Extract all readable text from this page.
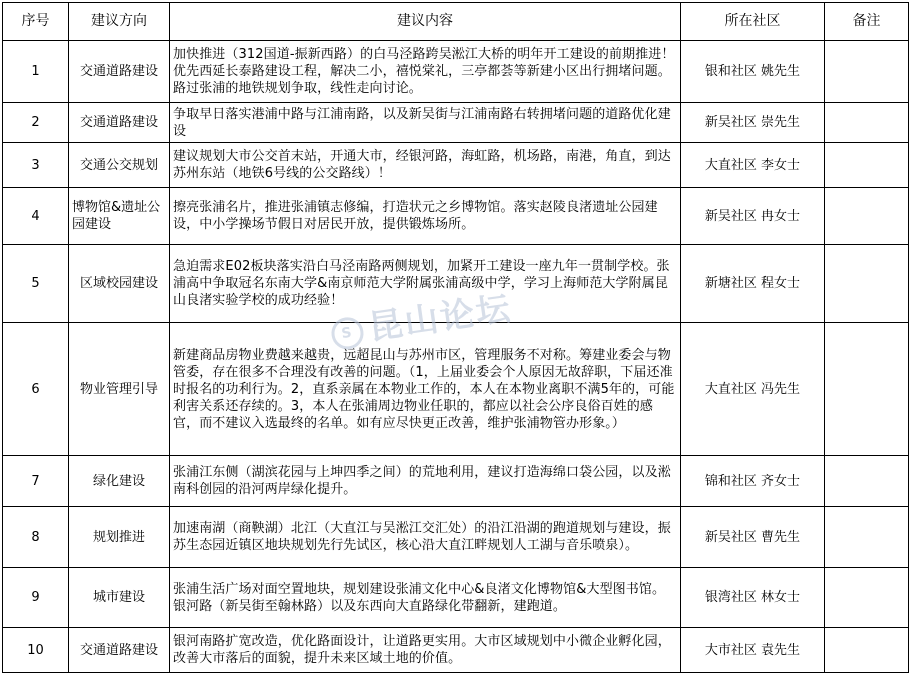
序号	建议方向	建议内容	所在社区	备注
1	交通道路建设	加快推进（312国道-振新西路）的白马泾路跨吴淞江大桥的明年开工建设的前期推进！优先西延长泰路建设工程，解决二小，禧悦棠礼，三亭都荟等新建小区出行拥堵问题。路过张浦的地铁规划争取，线性走向讨论。	银和社区 姚先生	
2	交通道路建设	争取早日落实港浦中路与江浦南路，以及新吴街与江浦南路右转拥堵问题的道路优化建设	新吴社区 崇先生	
3	交通公交规划	建议规划大市公交首末站，开通大市，经银河路，海虹路，机场路，南港，角直，到达苏州东站（地铁6号线的公交路线）！	大直社区 李女士	
4	博物馆&遗址公园建设	擦亮张浦名片，推进张浦镇志修编，打造状元之乡博物馆。落实赵陵良渚遗址公园建设，中小学操场节假日对居民开放，提供锻炼场所。	新吴社区 冉女士	
5	区域校园建设	急迫需求E02板块落实沿白马泾南路两侧规划，加紧开工建设一座九年一贯制学校。张浦高中争取冠名东南大学&南京师范大学附属张浦高级中学，学习上海师范大学附属昆山良渚实验学校的成功经验！	新塘社区 程女士	
6	物业管理引导	新建商品房物业费越来越贵，远超昆山与苏州市区，管理服务不对称。筹建业委会与物管委，存在很多不合理没有改善的问题。（1，上届业委会个人原因无故辞职，下届还准时报名的功利行为。2，直系亲属在本物业工作的，本人在本物业离职不满5年的，可能利害关系还存续的。3，本人在张浦周边物业任职的，都应以社会公序良俗百姓的感官，而不建议入选最终的名单。如有应尽快更正改善，维护张浦物管办形象。）	大直社区 冯先生	
7	绿化建设	张浦江东侧（湖滨花园与上坤四季之间）的荒地利用，建议打造海绵口袋公园，以及淞南科创园的沿河两岸绿化提升。	锦和社区 齐女士	
8	规划推进	加速南湖（商鞅湖）北江（大直江与吴淞江交汇处）的沿江沿湖的跑道规划与建设，振苏生态园近镇区地块规划先行先试区，核心沿大直江畔规划人工湖与音乐喷泉）。	新吴社区 曹先生	
9	城市建设	张浦生活广场对面空置地块，规划建设张浦文化中心&良渚文化博物馆&大型图书馆。银河路（新吴街至翰林路）以及东西向大直路绿化带翻新，建跑道。	银湾社区 林女士	
10	交通道路建设	银河南路扩宽改造，优化路面设计，让道路更实用。大市区域规划中小微企业孵化园，改善大市落后的面貌，提升未来区域土地的价值。	大市社区 袁先生	
S 昆山论坛
